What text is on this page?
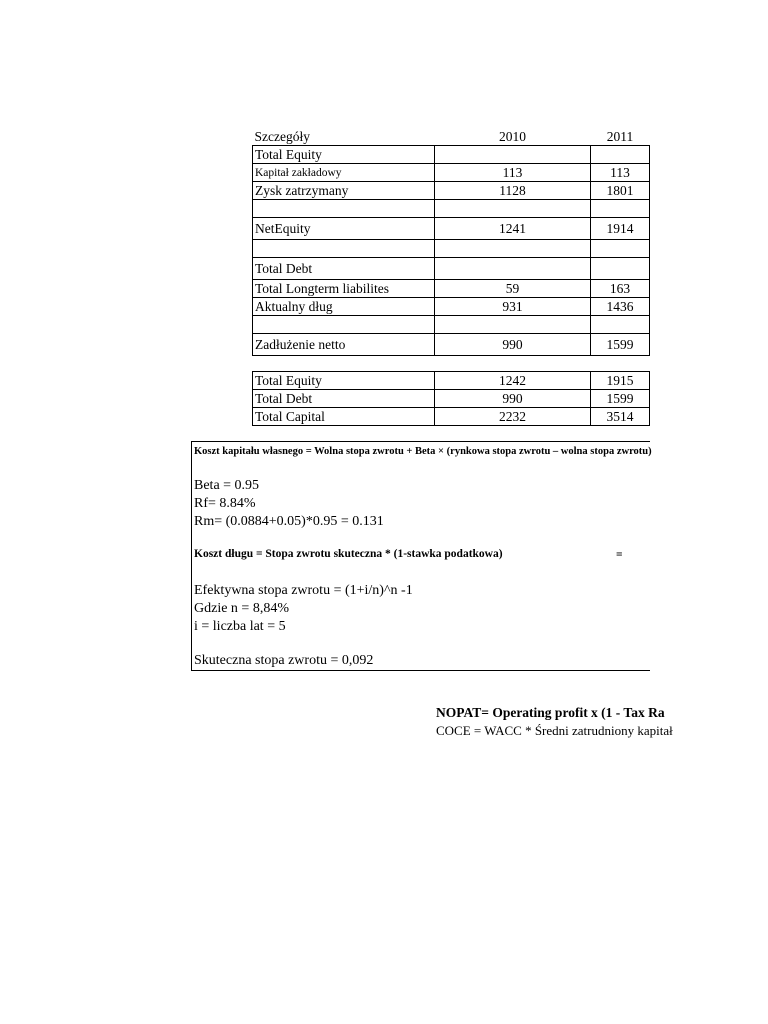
Szczegóły	2010	2011
Total Equity		
Kapitał zakładowy	113	113
Zysk zatrzymany	1128	1801

NetEquity	1241	1914

Total Debt		
Total Longterm liabilites	59	163
Aktualny dług	931	1436

Zadłużenie netto	990	1599
Total Equity	1242	1915
Total Debt	990	1599
Total Capital	2232	3514
Koszt kapitału własnego = Wolna stopa zwrotu + Beta × (rynkowa stopa zwrotu – wolna stopa zwrotu)
Beta = 0.95
Rf= 8.84%
Rm= (0.0884+0.05)*0.95 = 0.131
Koszt długu = Stopa zwrotu skuteczna * (1-stawka podatkowa)	=
Efektywna stopa zwrotu = (1+i/n)^n -1
Gdzie n = 8,84%
i = liczba lat = 5
Skuteczna stopa zwrotu = 0,092
NOPAT= Operating profit x (1 - Tax Ra
COCE = WACC * Średni zatrudniony kapitał
